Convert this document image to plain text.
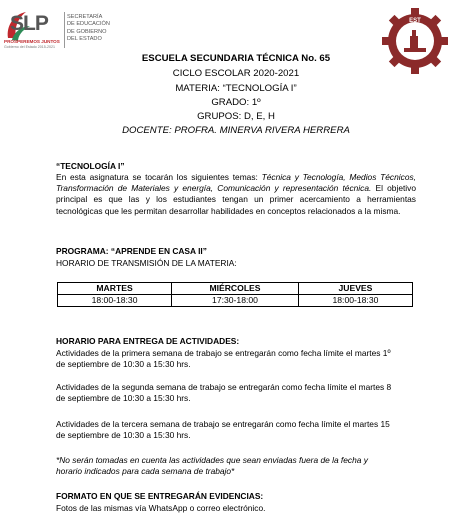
SLP
PROSPEREMOS JUNTOS
Gobierno del Estado 2015-2021
SECRETARÍA
DE EDUCACIÓN
DE GOBIERNO
DEL ESTADO
EST
ESCUELA SECUNDARIA TÉCNICA No. 65
CICLO ESCOLAR 2020-2021
MATERIA: “TECNOLOGÍA I”
GRADO: 1º
GRUPOS: D, E, H
DOCENTE: PROFRA. MINERVA RIVERA HERRERA
“TECNOLOGÍA I”
En esta asignatura se tocarán los siguientes temas: Técnica y Tecnología, Medios Técnicos, Transformación de Materiales y energía, Comunicación y representación técnica. El objetivo principal es que las y los estudiantes tengan un primer acercamiento a herramientas tecnológicas que les permitan desarrollar habilidades en conceptos relacionados a la misma.
PROGRAMA: “APRENDE EN CASA II”
HORARIO DE TRANSMISIÓN DE LA MATERIA:
MARTES	MIÉRCOLES	JUEVES
18:00-18:30	17:30-18:00	18:00-18:30
HORARIO PARA ENTREGA DE ACTIVIDADES:
Actividades de la primera semana de trabajo se entregarán como fecha límite el martes 1º
de septiembre de 10:30 a 15:30 hrs.
Actividades de la segunda semana de trabajo se entregarán como fecha límite el martes 8
de septiembre de 10:30 a 15:30 hrs.
Actividades de la tercera semana de trabajo se entregarán como fecha límite el martes 15
de septiembre de 10:30 a 15:30 hrs.
*No serán tomadas en cuenta las actividades que sean enviadas fuera de la fecha y
horario indicados para cada semana de trabajo*
FORMATO EN QUE SE ENTREGARÁN EVIDENCIAS:
Fotos de las mismas vía WhatsApp o correo electrónico.
